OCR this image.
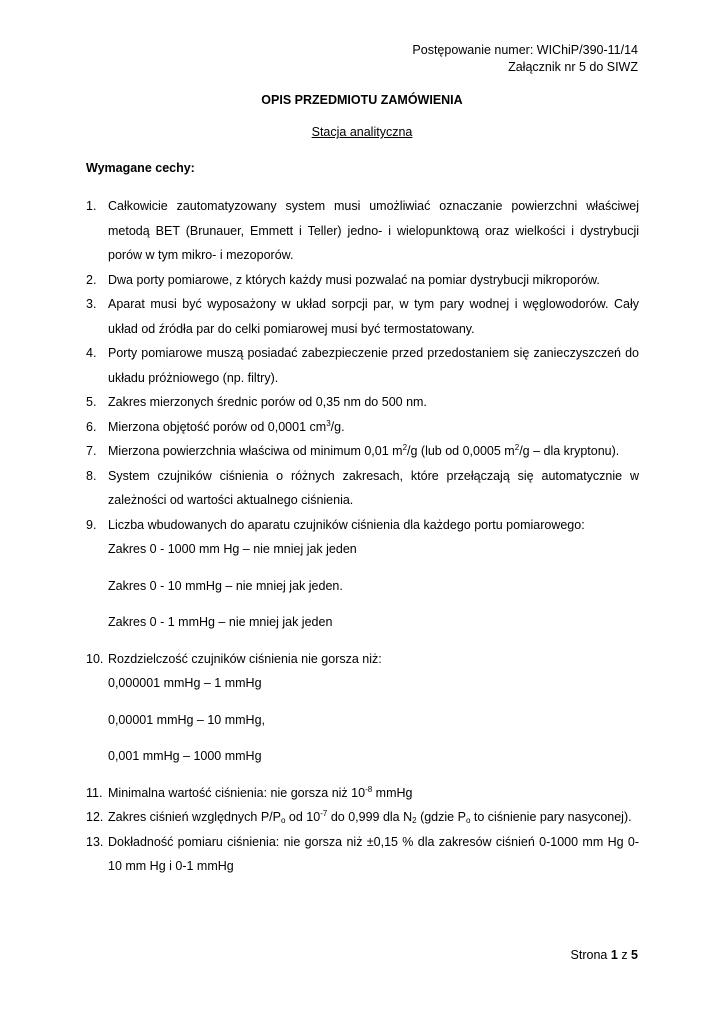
Postępowanie numer: WIChiP/390-11/14
Załącznik nr 5 do SIWZ
OPIS PRZEDMIOTU ZAMÓWIENIA
Stacja analityczna
Wymagane cechy:
1. Całkowicie zautomatyzowany system musi umożliwiać oznaczanie powierzchni właściwej metodą BET (Brunauer, Emmett i Teller) jedno- i wielopunktową oraz wielkości i dystrybucji porów w tym mikro- i mezoporów.
2. Dwa porty pomiarowe, z których każdy musi pozwalać na pomiar dystrybucji mikroporów.
3. Aparat musi być wyposażony w układ sorpcji par, w tym pary wodnej i węglowodorów. Cały układ od źródła par do celki pomiarowej musi być termostatowany.
4. Porty pomiarowe muszą posiadać zabezpieczenie przed przedostaniem się zanieczyszczeń do układu próżniowego (np. filtry).
5. Zakres mierzonych średnic porów od 0,35 nm do 500 nm.
6. Mierzona objętość porów od 0,0001 $cm^3/g$.
7. Mierzona powierzchnia właściwa od minimum 0,01 $m^2/g$ (lub od 0,0005 $m^2/g$ – dla kryptonu).
8. System czujników ciśnienia o różnych zakresach, które przełączają się automatycznie w zależności od wartości aktualnego ciśnienia.
9. Liczba wbudowanych do aparatu czujników ciśnienia dla każdego portu pomiarowego:
Zakres 0 - 1000 mm Hg – nie mniej jak jeden
Zakres 0 - 10 mmHg – nie mniej jak jeden.
Zakres 0 - 1 mmHg – nie mniej jak jeden
10. Rozdzielczość czujników ciśnienia nie gorsza niż:
0,000001 mmHg – 1 mmHg
0,00001 mmHg – 10 mmHg,
0,001 mmHg – 1000 mmHg
11. Minimalna wartość ciśnienia: nie gorsza niż $10^{-8}$ mmHg
12. Zakres ciśnień względnych $P/P_o$ od $10^{-7}$ do 0,999 dla $N_2$ (gdzie $P_o$ to ciśnienie pary nasyconej).
13. Dokładność pomiaru ciśnienia: nie gorsza niż ±0,15 % dla zakresów ciśnień 0-1000 mm Hg 0-10 mm Hg i 0-1 mmHg
Strona 1 z 5
